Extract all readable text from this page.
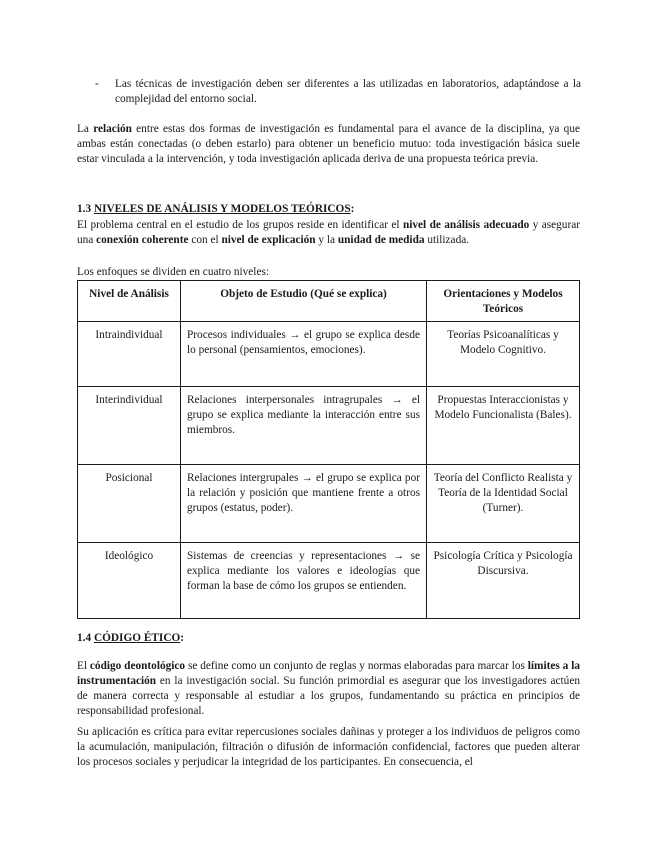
- Las técnicas de investigación deben ser diferentes a las utilizadas en laboratorios, adaptándose a la complejidad del entorno social.

La relación entre estas dos formas de investigación es fundamental para el avance de la disciplina, ya que ambas están conectadas (o deben estarlo) para obtener un beneficio mutuo: toda investigación básica suele estar vinculada a la intervención, y toda investigación aplicada deriva de una propuesta teórica previa.

1.3 NIVELES DE ANÁLISIS Y MODELOS TEÓRICOS:

El problema central en el estudio de los grupos reside en identificar el nivel de análisis adecuado y asegurar una conexión coherente con el nivel de explicación y la unidad de medida utilizada.

Los enfoques se dividen en cuatro niveles:
Nivel de Análisis	Objeto de Estudio (Qué se explica)	Orientaciones y Modelos Teóricos
Intraindividual	Procesos individuales → el grupo se explica desde lo personal (pensamientos, emociones).	Teorías Psicoanalíticas y Modelo Cognitivo.
Interindividual	Relaciones interpersonales intragrupales → el grupo se explica mediante la interacción entre sus miembros.	Propuestas Interaccionistas y Modelo Funcionalista (Bales).
Posicional	Relaciones intergrupales → el grupo se explica por la relación y posición que mantiene frente a otros grupos (estatus, poder).	Teoría del Conflicto Realista y Teoría de la Identidad Social (Turner).
Ideológico	Sistemas de creencias y representaciones → se explica mediante los valores e ideologías que forman la base de cómo los grupos se entienden.	Psicología Crítica y Psicología Discursiva.
1.4 CÓDIGO ÉTICO:

El código deontológico se define como un conjunto de reglas y normas elaboradas para marcar los límites a la instrumentación en la investigación social. Su función primordial es asegurar que los investigadores actúen de manera correcta y responsable al estudiar a los grupos, fundamentando su práctica en principios de responsabilidad profesional.

Su aplicación es crítica para evitar repercusiones sociales dañinas y proteger a los individuos de peligros como la acumulación, manipulación, filtración o difusión de información confidencial, factores que pueden alterar los procesos sociales y perjudicar la integridad de los participantes. En consecuencia, el
